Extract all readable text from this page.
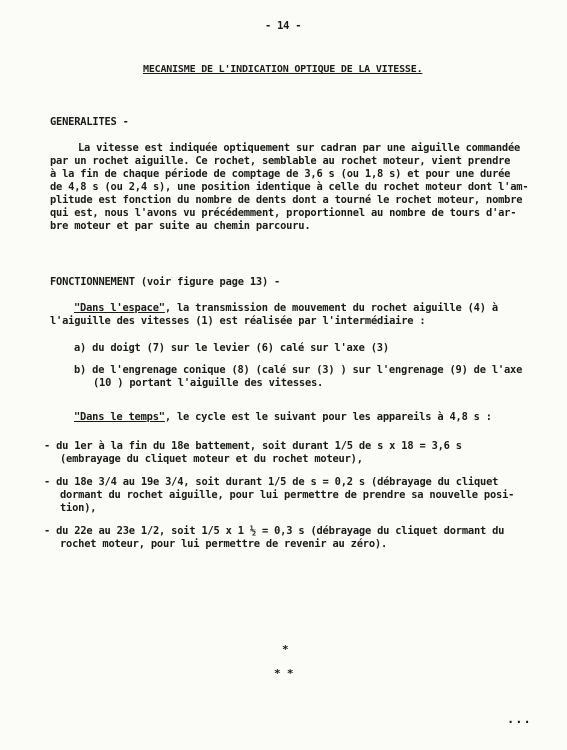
- 14 -
MECANISME DE L'INDICATION OPTIQUE DE LA VITESSE.
GENERALITES -
La vitesse est indiquée optiquement sur cadran par une aiguille commandée
par un rochet aiguille. Ce rochet, semblable au rochet moteur, vient prendre
à la fin de chaque période de comptage de 3,6 s (ou 1,8 s) et pour une durée
de 4,8 s (ou 2,4 s), une position identique à celle du rochet moteur dont l'am-
plitude est fonction du nombre de dents dont a tourné le rochet moteur, nombre
qui est, nous l'avons vu précédemment, proportionnel au nombre de tours d'ar-
bre moteur et par suite au chemin parcouru.
FONCTIONNEMENT (voir figure page 13) -
"Dans l'espace", la transmission de mouvement du rochet aiguille (4) à
l'aiguille des vitesses (1) est réalisée par l'intermédiaire :
a) du doigt (7) sur le levier (6) calé sur l'axe (3)
b) de l'engrenage conique (8) (calé sur (3) ) sur l'engrenage (9) de l'axe
(10 ) portant l'aiguille des vitesses.
"Dans le temps", le cycle est le suivant pour les appareils à 4,8 s :
- du 1er à la fin du 18e battement, soit durant 1/5 de s x 18 = 3,6 s
(embrayage du cliquet moteur et du rochet moteur),
- du 18e 3/4 au 19e 3/4, soit durant 1/5 de s = 0,2 s (débrayage du cliquet
dormant du rochet aiguille, pour lui permettre de prendre sa nouvelle posi-
tion),
- du 22e au 23e 1/2, soit 1/5 x 1 ½ = 0,3 s (débrayage du cliquet dormant du
rochet moteur, pour lui permettre de revenir au zéro).
*
* *
...
